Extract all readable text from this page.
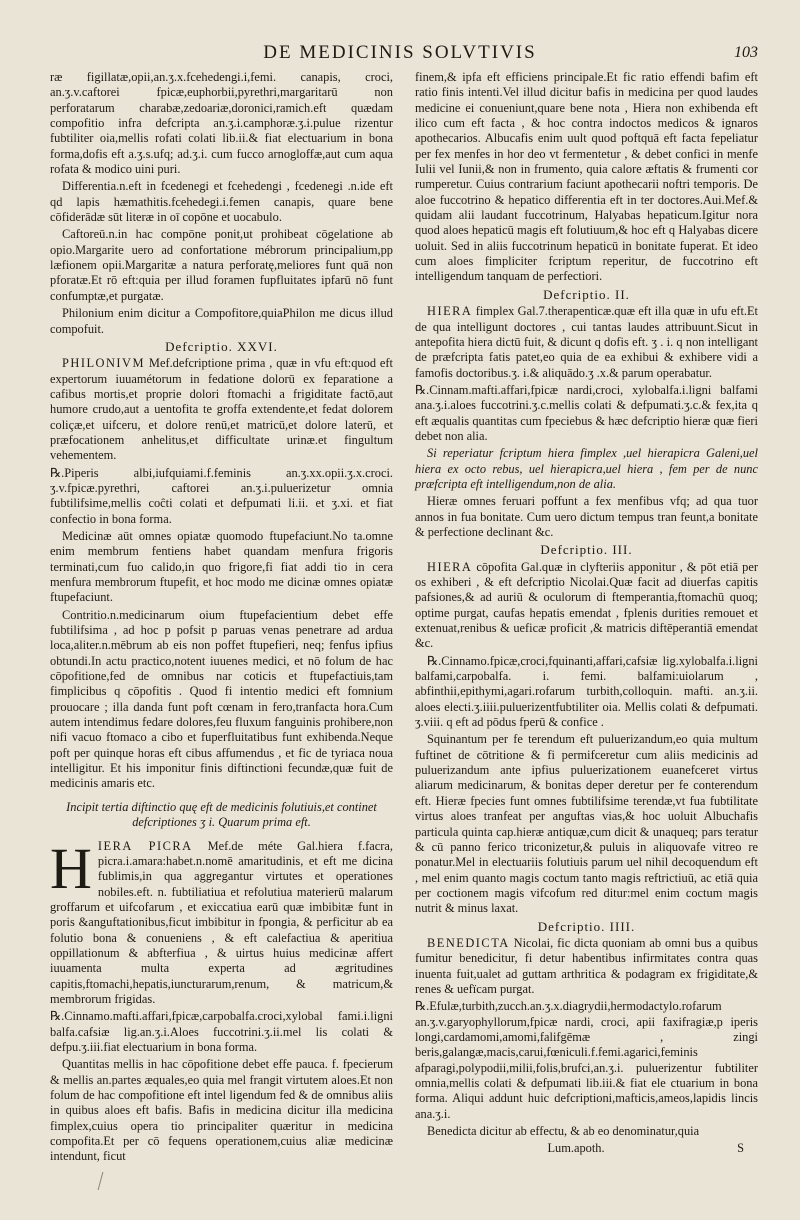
DE MEDICINIS SOLVTIVIS	103

ræ figillatæ,opii,an.ʒ.x.fcehedengi.i,femi. canapis, croci, an.ʒ.v.caftorei fpicæ,euphorbii,pyrethri,margaritarū non perforatarum charabæ,zedoariæ,doronici,ramich.eft quædam compofitio infra defcripta an.ʒ.i.camphoræ.ʒ.i.pulue rizentur fubtiliter oia,mellis rofati colati lib.ii.& fiat electuarium in bona forma,dofis eft a.ʒ.s.ufq; ad.ʒ.i. cum fucco arnogloffæ,aut cum aqua rofata & modico uini puri.

Differentia.n.eft in fcedenegi et fcehedengi , fcedenegi .n.ide eft qd lapis hæmathitis.fcehedegi.i.femen canapis, quare bene cōfiderādæ sūt literæ in oī copōne et uocabulo.

Caftoreū.n.in hac compōne ponit,ut prohibeat cōgelatione ab opio.Margarite uero ad confortatione mébrorum principalium,pp læfionem opii.Margaritæ a natura perforatę,meliores funt quā non pforatæ.Et rō eft:quia per illud foramen fupfluitates ipfarū nō funt confumptæ,et purgatæ.

Philonium enim dicitur a Compofitore,quiaPhilon me dicus illud compofuit.

Defcriptio. XXVI.

PHILONIVM Mef.defcriptione prima , quæ in vfu eft:quod eft expertorum iuuamétorum in fedatione dolorū ex feparatione a cafibus mortis,et proprie dolori ftomachi a frigiditate factō,aut humore crudo,aut a uentofita te groffa extendente,et fedat dolorem coliçæ,et uifceru, et dolore renū,et matricū,et dolore laterū, et præfocationem anhelitus,et difficultate urinæ.et fingultum vehementem.

℞.Piperis albi,iufquiami.f.feminis an.ʒ.xx.opii.ʒ.x.croci. ʒ.v.fpicæ.pyrethri, caftorei an.ʒ.i.puluerizetur omnia fubtilifsime,mellis coĉti colati et defpumati li.ii. et ʒ.xi. et fiat confectio in bona forma.

Medicinæ aūt omnes opiatæ quomodo ftupefaciunt.No ta.omne enim membrum fentiens habet quandam menfura frigoris terminati,cum fuo calido,in quo frigore,fi fiat addi tio in cera menfura membrorum ftupefit, et hoc modo me dicinæ omnes opiatæ ftupefaciunt.

Contritio.n.medicinarum oium ftupefacientium debet effe fubtilifsima , ad hoc p pofsit p paruas venas penetrare ad ardua loca,aliter.n.mēbrum ab eis non poffet ftupefieri, neq; fenfus ipfius obtundi.In actu practico,notent iuuenes medici, et nō folum de hac cōpofitione,fed de omnibus nar coticis et ftupefactiuis,tam fimplicibus q cōpofitis . Quod fi intentio medici eft fomnium prouocare ; illa danda funt poft cœnam in fero,tranfacta hora.Cum autem intendimus fedare dolores,feu fluxum fanguinis prohibere,non nifi vacuo ftomaco a cibo et fuperfluitatibus funt exhibenda.Neque poft per quinque horas eft cibus affumendus , et fic de tyriaca noua intelligitur. Et his imponitur finis diftinctioni fecundæ,quæ fuit de medicinis amaris etc.

Incipit tertia diftinctio quę eft de medicinis folutiuis,et continet defcriptiones ʒ i. Quarum prima eft.

HIERA PICRA Mef.de méte Gal.hiera f.facra, picra.i.amara:habet.n.nomē amaritudinis, et eft me dicina fublimis,in qua aggregantur virtutes et operationes nobiles.eft. n. fubtiliatiua et refolutiua materierū malarum groffarum et uifcofarum , et exiccatiua earū quæ imbibitæ funt in poris &anguftationibus,ficut imbibitur in fpongia, & perficitur ab ea folutio bona & conueniens , & eft calefactiua & aperitiua oppillationum & abfterfiua , & uirtus huius medicinæ affert iuuamenta multa experta ad ægritudines capitis,ftomachi,hepatis,iuncturarum,renum, & matricum,& membrorum frigidas.

℞.Cinnamo.mafti.affari,fpicæ,carpobalfa.croci,xylobal fami.i.ligni balfa.cafsiæ lig.an.ʒ.i.Aloes fuccotrini.ʒ.ii.mel lis colati & defpu.ʒ.iii.fiat electuarium in bona forma.

Quantitas mellis in hac cōpofitione debet effe pauca. f. fpecierum & mellis an.partes æquales,eo quia mel frangit virtutem aloes.Et non folum de hac compofitione eft intel ligendum fed & de omnibus aliis in quibus aloes eft bafis. Bafis in medicina dicitur illa medicina fimplex,cuius opera tio principaliter quæritur in medicina compofita.Et per cō fequens operationem,cuius aliæ medicinæ intendunt, ficut

finem,& ipfa eft efficiens principale.Et fic ratio effendi bafim eft ratio finis intenti.Vel illud dicitur bafis in medicina per quod laudes medicine ei conueniunt,quare bene nota , Hiera non exhibenda eft ilico cum eft facta , & hoc contra indoctos medicos & ignaros apothecarios. Albucafis enim uult quod poftquā eft facta fepeliatur per fex menfes in hor deo vt fermentetur , & debet confici in menfe Iulii vel Iunii,& non in frumento, quia calore æftatis & frumenti cor rumperetur. Cuius contrarium faciunt apothecarii noftri temporis. De aloe fuccotrino & hepatico differentia eft in ter doctores.Aui.Mef.& quidam alii laudant fuccotrinum, Halyabas hepaticum.Igitur nora quod aloes hepaticū magis eft folutiuum,& hoc eft q Halyabas dicere uoluit. Sed in aliis fuccotrinum hepaticū in bonitate fuperat. Et ideo cum aloes fimpliciter fcriptum reperitur, de fuccotrino eft intelligendum tanquam de perfectiori.

Defcriptio. II.

HIERA fimplex Gal.7.therapenticæ.quæ eft illa quæ in ufu eft.Et de qua intelligunt doctores , cui tantas laudes attribuunt.Sicut in antepofita hiera dictū fuit, & dicunt q dofis eft. ʒ . i. q non intelligant de præfcripta fatis patet,eo quia de ea exhibui & exhibere vidi a famofis doctoribus.ʒ. i.& aliquādo.ʒ .x.& parum operabatur.

℞.Cinnam.mafti.affari,fpicæ nardi,croci, xylobalfa.i.ligni balfami ana.ʒ.i.aloes fuccotrini.ʒ.c.mellis colati & defpumati.ʒ.c.& fex,ita q eft æqualis quantitas cum fpeciebus & hæc defcriptio hieræ quæ fieri debet non alia.

Si reperiatur fcriptum hiera fimplex ,uel hierapicra Galeni,uel hiera ex octo rebus, uel hierapicra,uel hiera , fem per de nunc præfcripta eft intelligendum,non de alia.

Hieræ omnes feruari poffunt a fex menfibus vfq; ad qua tuor annos in fua bonitate. Cum uero dictum tempus tran feunt,a bonitate & perfectione declinant &c.

Defcriptio. III.

HIERA cōpofita Gal.quæ in clyfteriis apponitur , & pōt etiā per os exhiberi , & eft defcriptio Nicolai.Quæ facit ad diuerfas capitis pafsiones,& ad auriū & oculorum di ftemperantia,ftomachū quoq; optime purgat, caufas hepatis emendat , fplenis durities remouet et extenuat,renibus & ueficæ proficit ,& matricis diftēperantiā emendat &c.

℞.Cinnamo.fpicæ,croci,fquinanti,affari,cafsiæ lig.xylobalfa.i.ligni balfami,carpobalfa. i. femi. balfami:uiolarum , abfinthii,epithymi,agari.rofarum turbith,colloquin. mafti. an.ʒ.ii. aloes electi.ʒ.iiii.puluerizentfubtiliter oia. Mellis colati & defpumati. ʒ.viii. q eft ad pōdus fperū & confice .

Squinantum per fe terendum eft puluerizandum,eo quia multum fuftinet de cōtritione & fi permifceretur cum aliis medicinis ad puluerizandum ante ipfius puluerizationem euanefceret virtus aliarum medicinarum, & bonitas deper deretur per fe conterendum eft. Hieræ fpecies funt omnes fubtilifsime terendæ,vt fua fubtilitate virtus aloes tranfeat per anguftas vias,& hoc uoluit Albuchafis particula quinta cap.hieræ antiquæ,cum dicit & unaqueq; pars teratur & cū panno ferico triconizetur,& puluis in aliquovafe vitreo re ponatur.Mel in electuariis folutiuis parum uel nihil decoquendum eft , mel enim quanto magis coctum tanto magis reftrictiuū, ac etiā quia per coctionem magis vifcofum red ditur:mel enim coctum magis nutrit & minus laxat.

Defcriptio. IIII.

BENEDICTA Nicolai, fic dicta quoniam ab omni bus a quibus fumitur benedicitur, fi detur habentibus infirmitates contra quas inuenta fuit,ualet ad guttam arthritica & podagram ex frigiditate,& renes & uefïcam purgat.

℞.Efulæ,turbith,zucch.an.ʒ.x.diagrydii,hermodactylo.rofarum an.ʒ.v.garyophyllorum,fpicæ nardi, croci, apii faxifragiæ,p iperis longi,cardamomi,amomi,falifgēmæ , zingi beris,galangæ,macis,carui,fœniculi.f.femi.agarici,feminis afparagi,polypodii,milii,folis,brufci,an.ʒ.i. puluerizentur fubtiliter omnia,mellis colati & defpumati lib.iii.& fiat ele ctuarium in bona forma. Aliqui addunt huic defcriptioni,mafticis,ameos,lapidis lincis ana.ʒ.i.

Benedicta dicitur ab effectu, & ab eo denominatur,quia

Lum.apoth.	S
